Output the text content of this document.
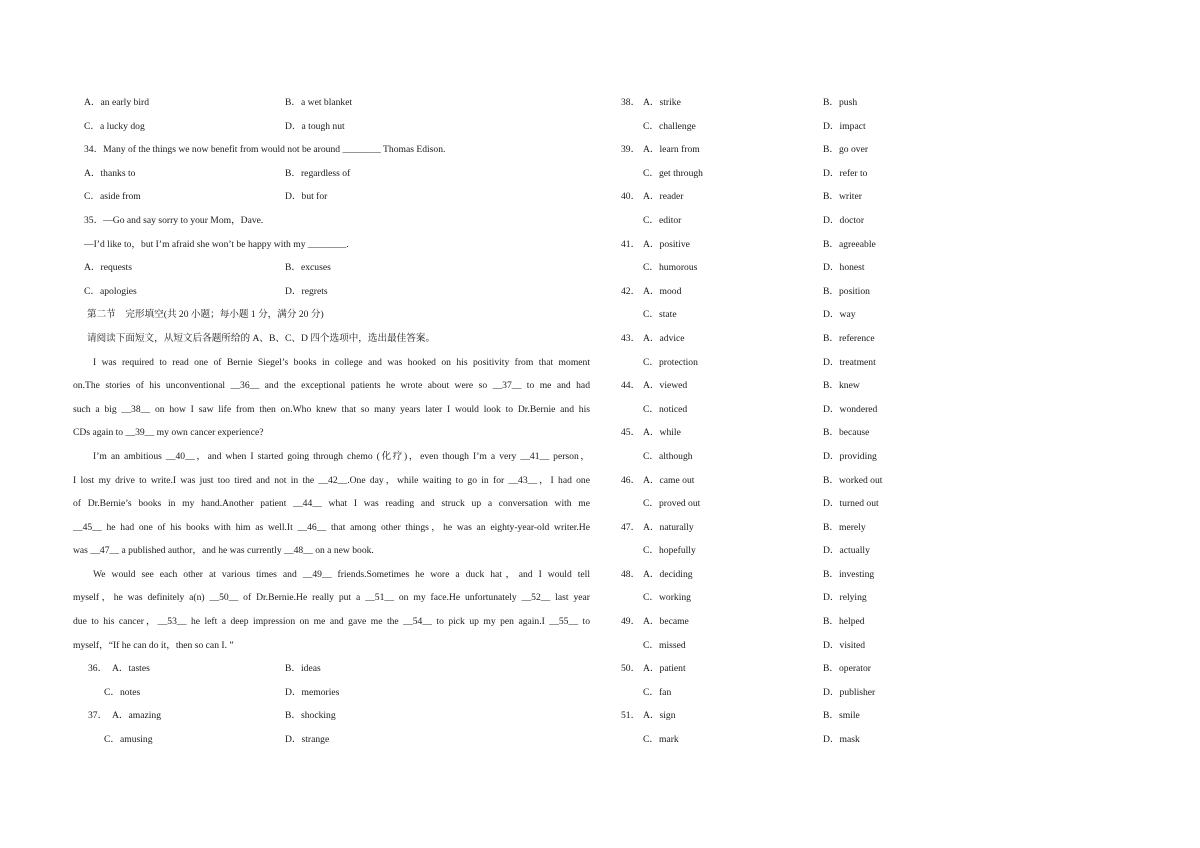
A．an early bird	B．a wet blanket
C．a lucky dog	D．a tough nut
34．Many of the things we now benefit from would not be around ________ Thomas Edison.
A．thanks to	B．regardless of
C．aside from	D．but for
35．—Go and say sorry to your Mom，Dave.
—I’d like to，but I’m afraid she won’t be happy with my ________.
A．requests	B．excuses
C．apologies	D．regrets
第二节　完形填空(共 20 小题；每小题 1 分，满分 20 分)
请阅读下面短文，从短文后各题所给的 A、B、C、D 四个选项中，选出最佳答案。
I was required to read one of Bernie Siegel’s books in college and was hooked on his positivity from that moment
on.The stories of his unconventional __36__ and the exceptional patients he wrote about were so __37__ to me and had
such a big __38__ on how I saw life from then on.Who knew that so many years later I would look to Dr.Bernie and his
CDs again to __39__ my own cancer experience?
I’m an ambitious __40__，and when I started going through chemo (化疗)，even though I’m a very __41__ person，
I lost my drive to write.I was just too tired and not in the __42__.One day，while waiting to go in for __43__，I had one
of Dr.Bernie’s books in my hand.Another patient __44__ what I was reading and struck up a conversation with me
__45__ he had one of his books with him as well.It __46__ that among other things，he was an eighty-year-old writer.He
was __47__ a published author，and he was currently __48__ on a new book.
We would see each other at various times and __49__ friends.Sometimes he wore a duck hat，and I would tell
myself，he was definitely a(n) __50__ of Dr.Bernie.He really put a __51__ on my face.He unfortunately __52__ last year
due to his cancer，__53__ he left a deep impression on me and gave me the __54__ to pick up my pen again.I __55__ to
myself，“If he can do it，then so can I. ”
36． A．tastes	B．ideas
C．notes	D．memories
37． A．amazing	B．shocking
C．amusing	D．strange
38． A．strike	B．push
C．challenge	D．impact
39． A．learn from	B．go over
C．get through	D．refer to
40． A．reader	B．writer
C．editor	D．doctor
41． A．positive	B．agreeable
C．humorous	D．honest
42． A．mood	B．position
C．state	D．way
43． A．advice	B．reference
C．protection	D．treatment
44． A．viewed	B．knew
C．noticed	D．wondered
45． A．while	B．because
C．although	D．providing
46． A．came out	B．worked out
C．proved out	D．turned out
47． A．naturally	B．merely
C．hopefully	D．actually
48． A．deciding	B．investing
C．working	D．relying
49． A．became	B．helped
C．missed	D．visited
50． A．patient	B．operator
C．fan	D．publisher
51． A．sign	B．smile
C．mark	D．mask
